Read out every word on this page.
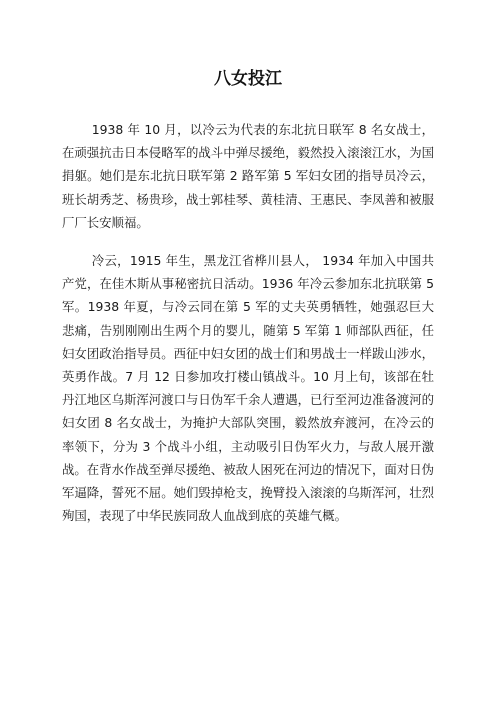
八女投江

1938 年 10 月，以冷云为代表的东北抗日联军 8 名女战士，在顽强抗击日本侵略军的战斗中弹尽援绝，毅然投入滚滚江水，为国捐躯。她们是东北抗日联军第 2 路军第 5 军妇女团的指导员冷云，班长胡秀芝、杨贵珍，战士郭桂琴、黄桂清、王惠民、李凤善和被服厂厂长安顺福。

冷云，1915 年生，黑龙江省桦川县人， 1934 年加入中国共产党，在佳木斯从事秘密抗日活动。1936 年冷云参加东北抗联第 5 军。1938 年夏，与冷云同在第 5 军的丈夫英勇牺牲，她强忍巨大悲痛，告别刚刚出生两个月的婴儿，随第 5 军第 1 师部队西征，任妇女团政治指导员。西征中妇女团的战士们和男战士一样跋山涉水，英勇作战。7 月 12 日参加攻打楼山镇战斗。10 月上旬，该部在牡丹江地区乌斯浑河渡口与日伪军千余人遭遇，已行至河边准备渡河的妇女团 8 名女战士，为掩护大部队突围，毅然放弃渡河，在冷云的率领下，分为 3 个战斗小组，主动吸引日伪军火力，与敌人展开激战。在背水作战至弹尽援绝、被敌人困死在河边的情况下，面对日伪军逼降，誓死不屈。她们毁掉枪支，挽臂投入滚滚的乌斯浑河，壮烈殉国，表现了中华民族同敌人血战到底的英雄气概。
